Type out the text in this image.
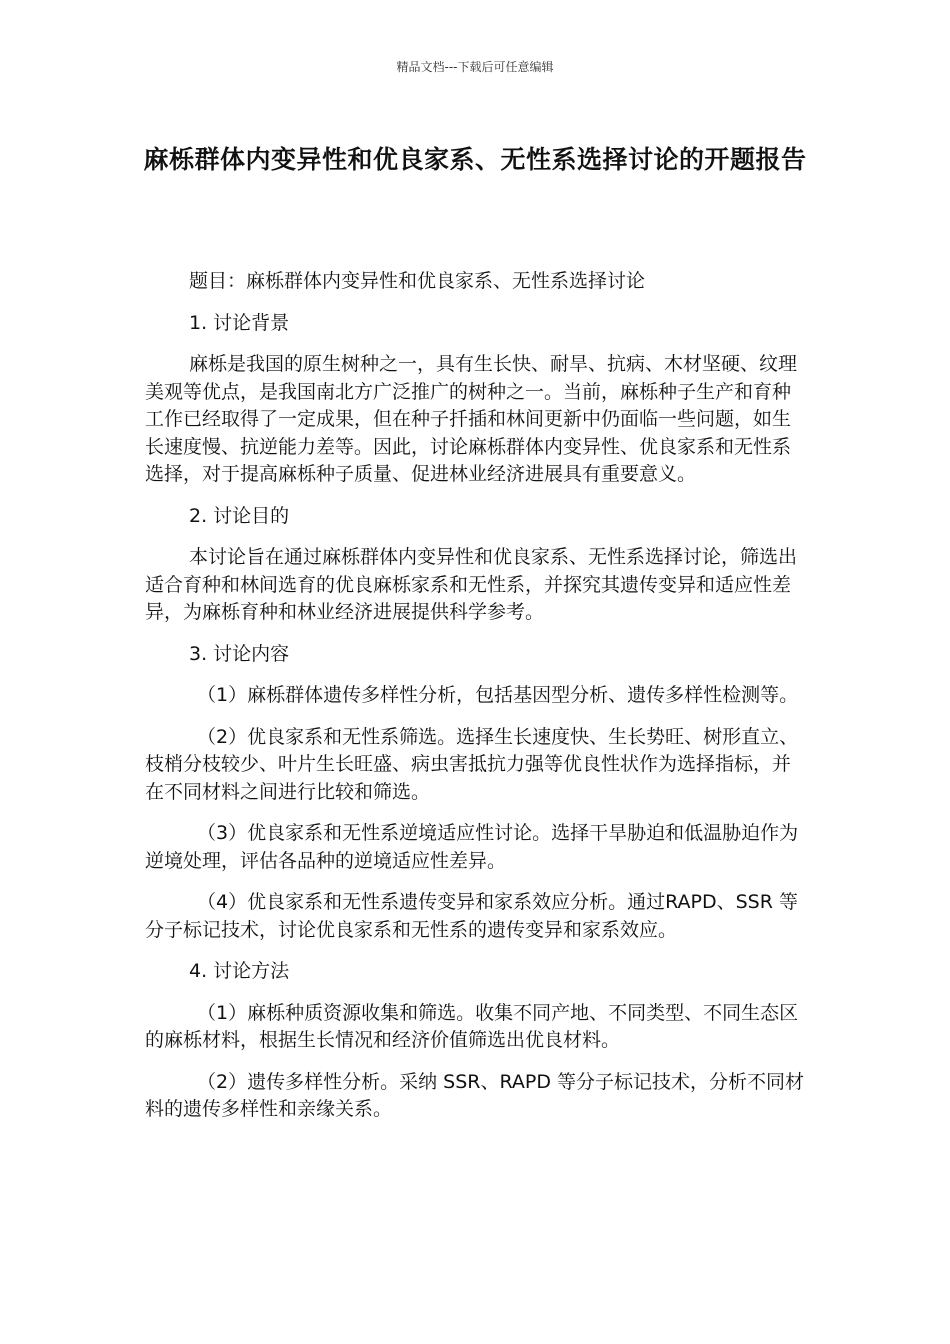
精品文档---下载后可任意编辑
麻栎群体内变异性和优良家系、无性系选择讨论的开题报告

题目：麻栎群体内变异性和优良家系、无性系选择讨论

1. 讨论背景

麻栎是我国的原生树种之一，具有生长快、耐旱、抗病、木材坚硬、纹理美观等优点，是我国南北方广泛推广的树种之一。当前，麻栎种子生产和育种工作已经取得了一定成果，但在种子扦插和林间更新中仍面临一些问题，如生长速度慢、抗逆能力差等。因此，讨论麻栎群体内变异性、优良家系和无性系选择，对于提高麻栎种子质量、促进林业经济进展具有重要意义。

2. 讨论目的

本讨论旨在通过麻栎群体内变异性和优良家系、无性系选择讨论，筛选出适合育种和林间选育的优良麻栎家系和无性系，并探究其遗传变异和适应性差异，为麻栎育种和林业经济进展提供科学参考。

3. 讨论内容

（1）麻栎群体遗传多样性分析，包括基因型分析、遗传多样性检测等。

（2）优良家系和无性系筛选。选择生长速度快、生长势旺、树形直立、枝梢分枝较少、叶片生长旺盛、病虫害抵抗力强等优良性状作为选择指标，并在不同材料之间进行比较和筛选。

（3）优良家系和无性系逆境适应性讨论。选择干旱胁迫和低温胁迫作为逆境处理，评估各品种的逆境适应性差异。

（4）优良家系和无性系遗传变异和家系效应分析。通过RAPD、SSR 等分子标记技术，讨论优良家系和无性系的遗传变异和家系效应。

4. 讨论方法

（1）麻栎种质资源收集和筛选。收集不同产地、不同类型、不同生态区的麻栎材料，根据生长情况和经济价值筛选出优良材料。

（2）遗传多样性分析。采纳 SSR、RAPD 等分子标记技术，分析不同材料的遗传多样性和亲缘关系。
